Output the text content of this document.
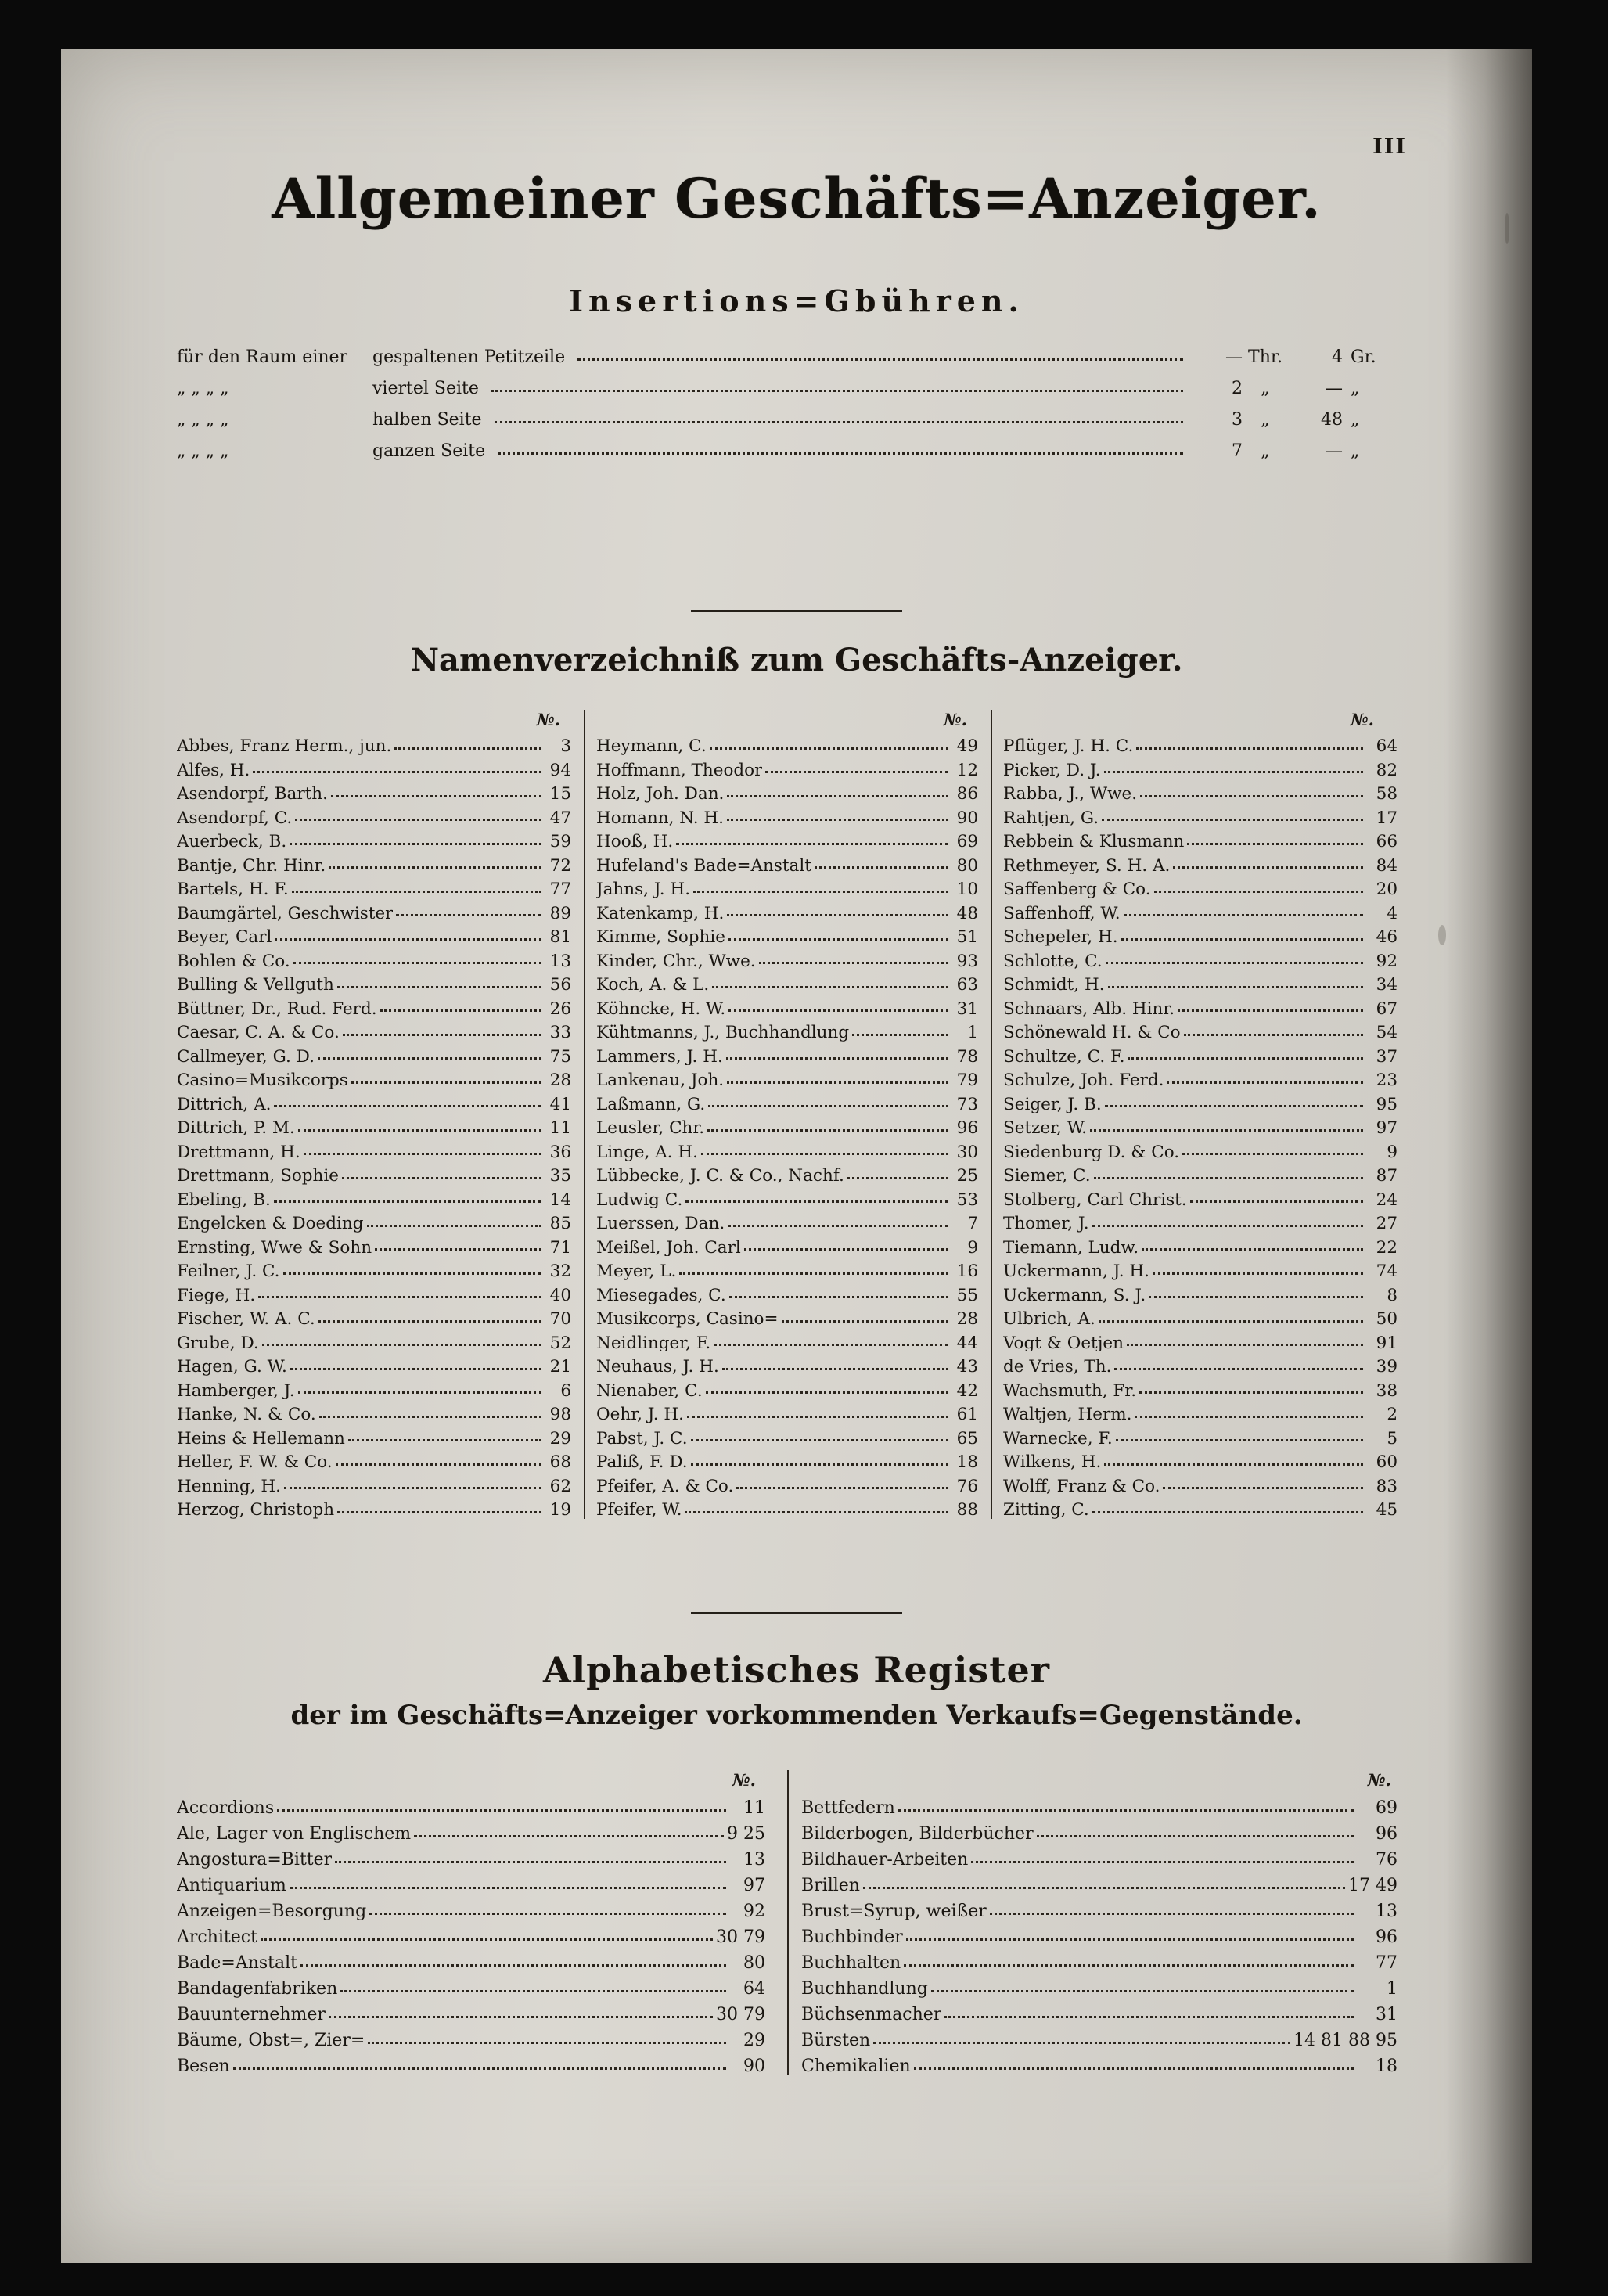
III
Allgemeiner Geschäfts=Anzeiger.
Insertions=Gbühren.
für den Raum einer	gespaltenen Petitzeile	— Thr.	4 Gr.
„ „ „ „	viertel Seite	2	„	— „
„ „ „ „	halben Seite	3	„	48 „
„ „ „ „	ganzen Seite	7	„	— „
Namenverzeichniß zum Geschäfts-Anzeiger.
№.
Abbes, Franz Herm., jun.	3
Alfes, H.	94
Asendorpf, Barth.	15
Asendorpf, C.	47
Auerbeck, B.	59
Bantje, Chr. Hinr.	72
Bartels, H. F.	77
Baumgärtel, Geschwister	89
Beyer, Carl	81
Bohlen & Co.	13
Bulling & Vellguth	56
Büttner, Dr., Rud. Ferd.	26
Caesar, C. A. & Co.	33
Callmeyer, G. D.	75
Casino=Musikcorps	28
Dittrich, A.	41
Dittrich, P. M.	11
Drettmann, H.	36
Drettmann, Sophie	35
Ebeling, B.	14
Engelcken & Doeding	85
Ernsting, Wwe & Sohn	71
Feilner, J. C.	32
Fiege, H.	40
Fischer, W. A. C.	70
Grube, D.	52
Hagen, G. W.	21
Hamberger, J.	6
Hanke, N. & Co.	98
Heins & Hellemann	29
Heller, F. W. & Co.	68
Henning, H.	62
Herzog, Christoph	19
№.
Heymann, C.	49
Hoffmann, Theodor	12
Holz, Joh. Dan.	86
Homann, N. H.	90
Hooß, H.	69
Hufeland's Bade=Anstalt	80
Jahns, J. H.	10
Katenkamp, H.	48
Kimme, Sophie	51
Kinder, Chr., Wwe.	93
Koch, A. & L.	63
Köhncke, H. W.	31
Kühtmanns, J., Buchhandlung	1
Lammers, J. H.	78
Lankenau, Joh.	79
Laßmann, G.	73
Leusler, Chr.	96
Linge, A. H.	30
Lübbecke, J. C. & Co., Nachf.	25
Ludwig C.	53
Luerssen, Dan.	7
Meißel, Joh. Carl	9
Meyer, L.	16
Miesegades, C.	55
Musikcorps, Casino=	28
Neidlinger, F.	44
Neuhaus, J. H.	43
Nienaber, C.	42
Oehr, J. H.	61
Pabst, J. C.	65
Paliß, F. D.	18
Pfeifer, A. & Co.	76
Pfeifer, W.	88
№.
Pflüger, J. H. C.	64
Picker, D. J.	82
Rabba, J., Wwe.	58
Rahtjen, G.	17
Rebbein & Klusmann	66
Rethmeyer, S. H. A.	84
Saffenberg & Co.	20
Saffenhoff, W.	4
Schepeler, H.	46
Schlotte, C.	92
Schmidt, H.	34
Schnaars, Alb. Hinr.	67
Schönewald H. & Co	54
Schultze, C. F.	37
Schulze, Joh. Ferd.	23
Seiger, J. B.	95
Setzer, W.	97
Siedenburg D. & Co.	9
Siemer, C.	87
Stolberg, Carl Christ.	24
Thomer, J.	27
Tiemann, Ludw.	22
Uckermann, J. H.	74
Uckermann, S. J.	8
Ulbrich, A.	50
Vogt & Oetjen	91
de Vries, Th.	39
Wachsmuth, Fr.	38
Waltjen, Herm.	2
Warnecke, F.	5
Wilkens, H.	60
Wolff, Franz & Co.	83
Zitting, C.	45
Alphabetisches Register
der im Geschäfts=Anzeiger vorkommenden Verkaufs=Gegenstände.
№.
Accordions	11
Ale, Lager von Englischem	9 25
Angostura=Bitter	13
Antiquarium	97
Anzeigen=Besorgung	92
Architect	30 79
Bade=Anstalt	80
Bandagenfabriken	64
Bauunternehmer	30 79
Bäume, Obst=, Zier=	29
Besen	90
№.
Bettfedern	69
Bilderbogen, Bilderbücher	96
Bildhauer-Arbeiten	76
Brillen	17 49
Brust=Syrup, weißer	13
Buchbinder	96
Buchhalten	77
Buchhandlung	1
Büchsenmacher	31
Bürsten	14 81 88 95
Chemikalien	18
